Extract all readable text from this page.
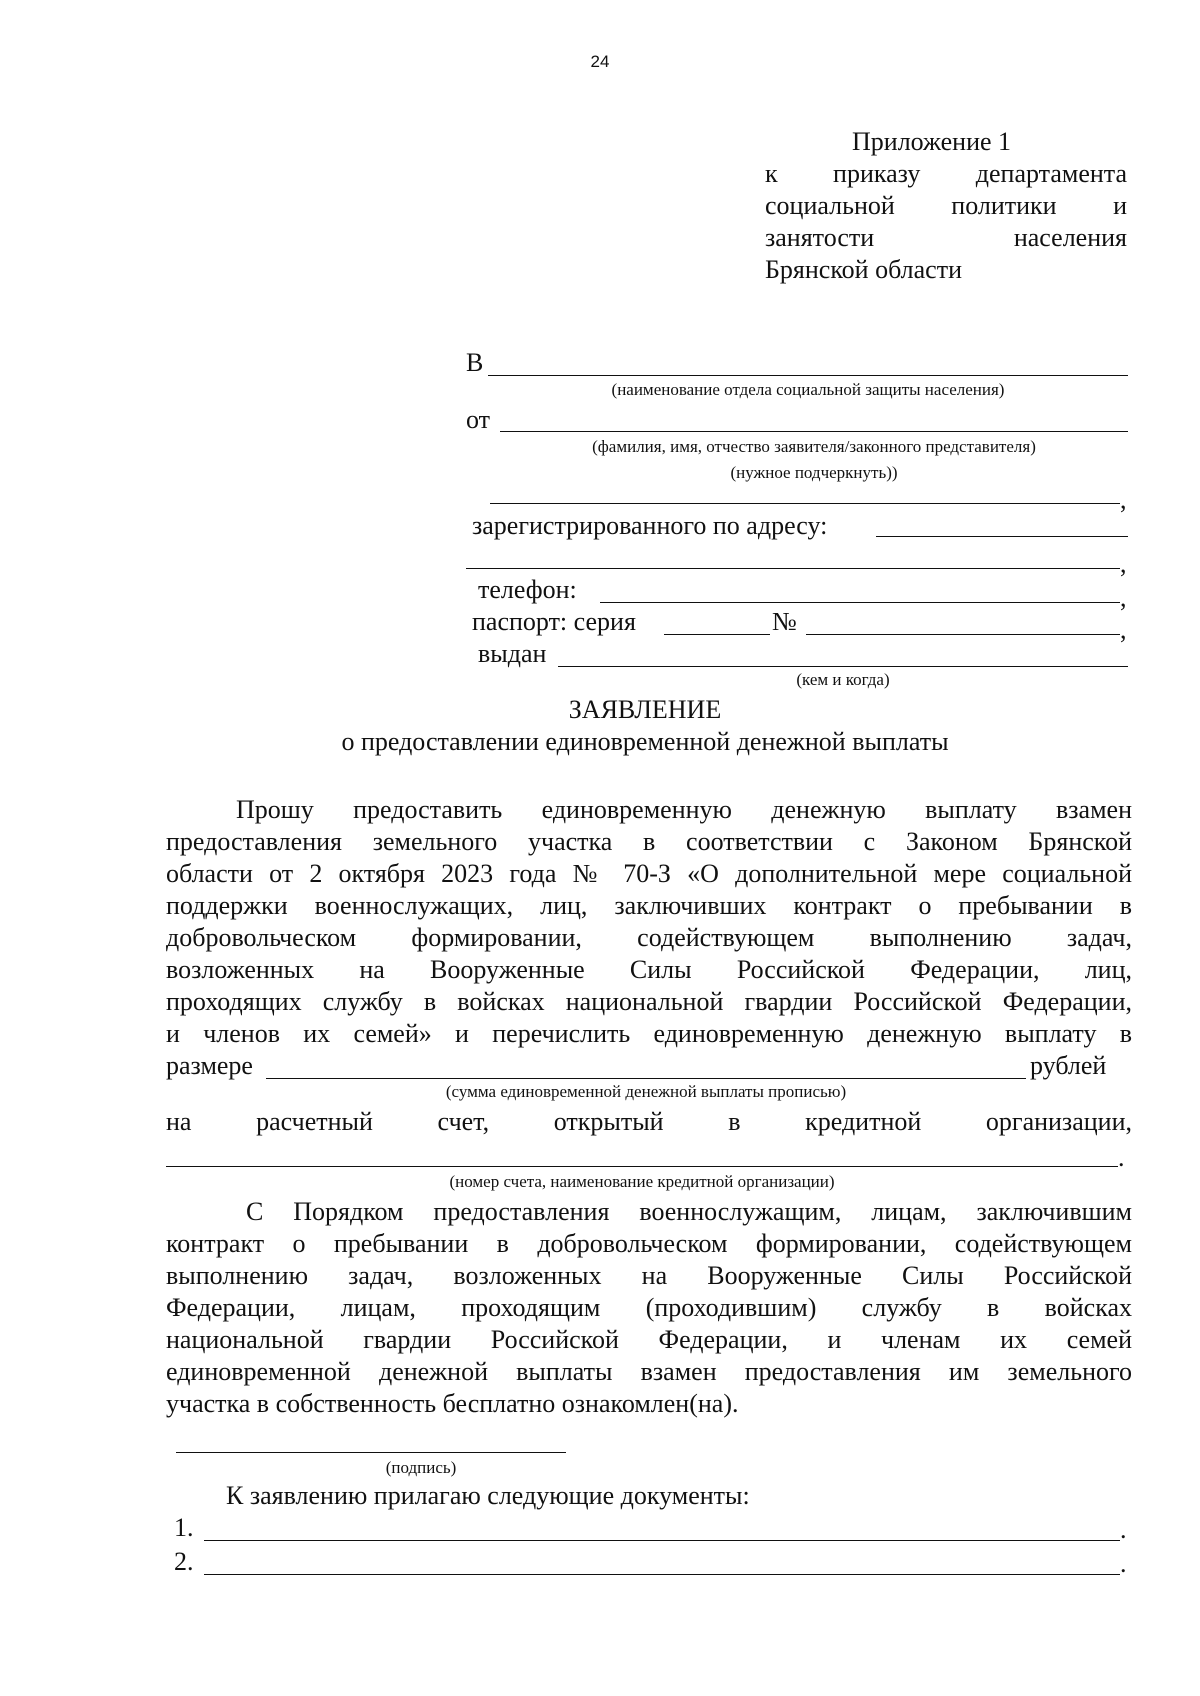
24
Приложение 1
к приказу департамента
социальной политики и
занятости населения
Брянской области
В
(наименование отдела социальной защиты населения)
от
(фамилия, имя, отчество заявителя/законного представителя)
(нужное подчеркнуть))
,
зарегистрированного по адресу:
,
телефон:	,
паспорт: серия	№	,
выдан
(кем и когда)
ЗАЯВЛЕНИЕ
о предоставлении единовременной денежной выплаты
Прошу предоставить единовременную денежную выплату взамен
предоставления земельного участка в соответствии с Законом Брянской
области от 2 октября 2023 года № 70-З «О дополнительной мере социальной
поддержки военнослужащих, лиц, заключивших контракт о пребывании в
добровольческом формировании, содействующем выполнению задач,
возложенных на Вооруженные Силы Российской Федерации, лиц,
проходящих службу в войсках национальной гвардии Российской Федерации,
и членов их семей» и перечислить единовременную денежную выплату в
размере	рублей
(сумма единовременной денежной выплаты прописью)
на расчетный счет, открытый в кредитной организации,
.
(номер счета, наименование кредитной организации)
С Порядком предоставления военнослужащим, лицам, заключившим
контракт о пребывании в добровольческом формировании, содействующем
выполнению задач, возложенных на Вооруженные Силы Российской
Федерации, лицам, проходящим (проходившим) службу в войсках
национальной гвардии Российской Федерации, и членам их семей
единовременной денежной выплаты взамен предоставления им земельного
участка в собственность бесплатно ознакомлен(на).
(подпись)
К заявлению прилагаю следующие документы:
1.	.
2.	.
